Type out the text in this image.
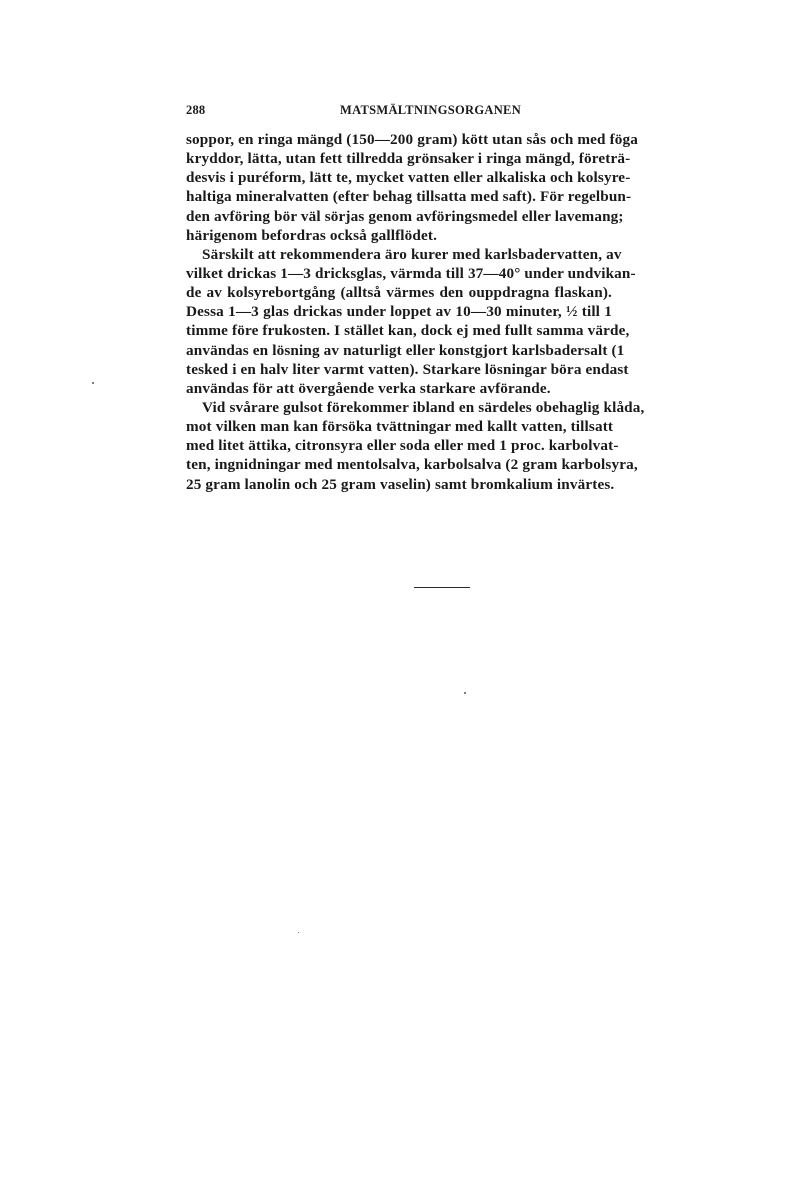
288	MATSMÄLTNINGSORGANEN
soppor, en ringa mängd (150—200 gram) kött utan sås och med föga
kryddor, lätta, utan fett tillredda grönsaker i ringa mängd, företrä-
desvis i puréform, lätt te, mycket vatten eller alkaliska och kolsyre-
haltiga mineralvatten (efter behag tillsatta med saft). För regelbun-
den avföring bör väl sörjas genom avföringsmedel eller lavemang;
härigenom befordras också gallflödet.
Särskilt att rekommendera äro kurer med karlsbadervatten, av
vilket drickas 1—3 dricksglas, värmda till 37—40° under undvikan-
de av kolsyrebortgång (alltså värmes den ouppdragna flaskan).
Dessa 1—3 glas drickas under loppet av 10—30 minuter, ½ till 1
timme före frukosten. I stället kan, dock ej med fullt samma värde,
användas en lösning av naturligt eller konstgjort karlsbadersalt (1
tesked i en halv liter varmt vatten). Starkare lösningar böra endast
användas för att övergående verka starkare avförande.
Vid svårare gulsot förekommer ibland en särdeles obehaglig klåda,
mot vilken man kan försöka tvättningar med kallt vatten, tillsatt
med litet ättika, citronsyra eller soda eller med 1 proc. karbolvat-
ten, ingnidningar med mentolsalva, karbolsalva (2 gram karbolsyra,
25 gram lanolin och 25 gram vaselin) samt bromkalium invärtes.
